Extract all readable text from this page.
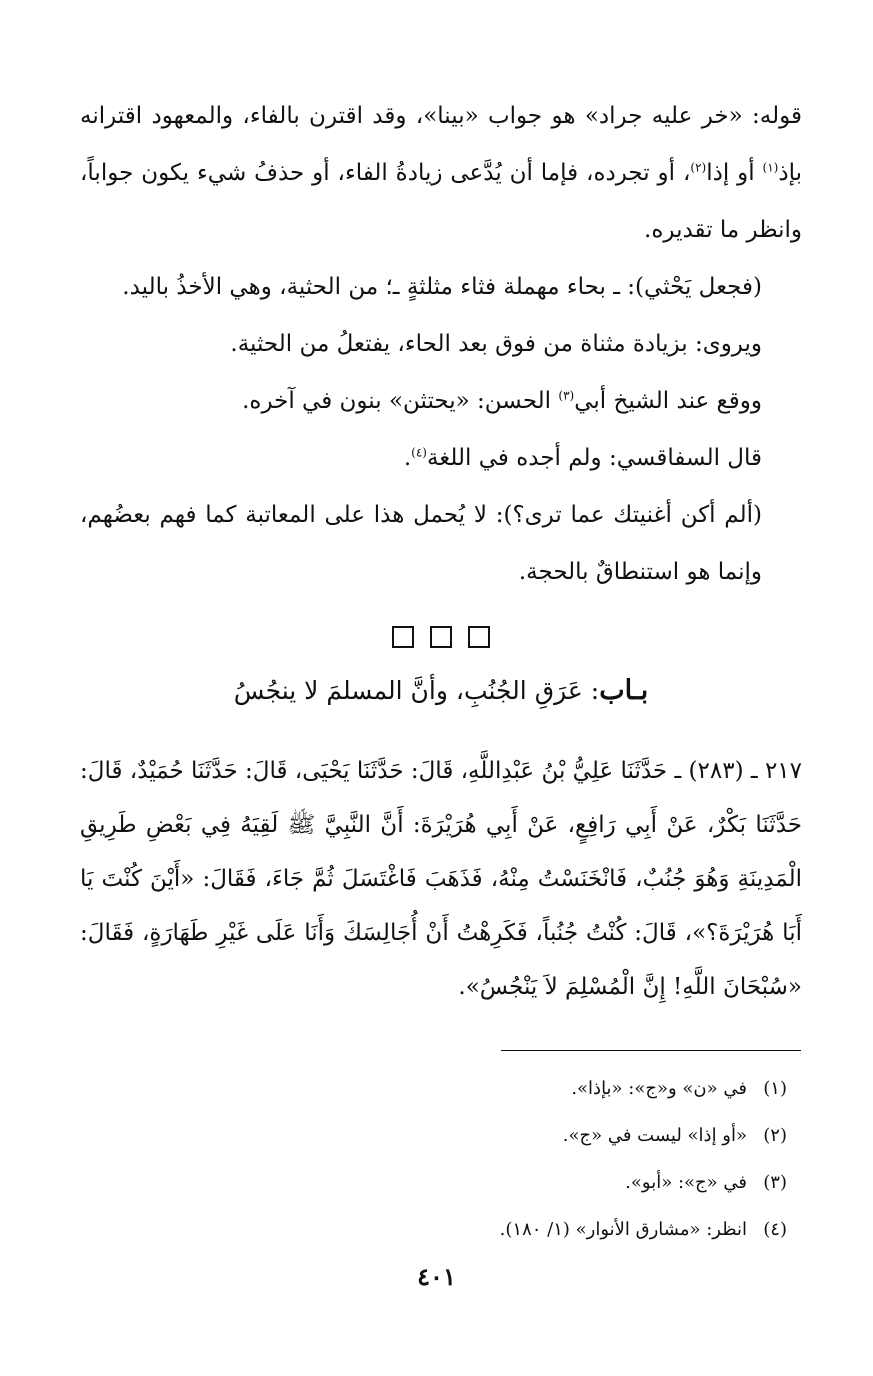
قوله: «خر عليه جراد» هو جواب «بينا»، وقد اقترن بالفاء، والمعهود اقترانه بإذ$^{(١)}$ أو إذا$^{(٢)}$، أو تجرده، فإما أن يُدَّعى زيادةُ الفاء، أو حذفُ شيء يكون جواباً، وانظر ما تقديره.

(فجعل يَحْثي): ـ بحاء مهملة فثاء مثلثةٍ ـ؛ من الحثية، وهي الأخذُ باليد.

ويروى: بزيادة مثناة من فوق بعد الحاء، يفتعلُ من الحثية.

ووقع عند الشيخ أبي$^{(٣)}$ الحسن: «يحتثن» بنون في آخره.

قال السفاقسي: ولم أجده في اللغة$^{(٤)}$.

(ألم أكن أغنيتك عما ترى؟): لا يُحمل هذا على المعاتبة كما فهم بعضُهم، وإنما هو استنطاقٌ بالحجة.

بـاب: عَرَقِ الجُنُبِ، وأنَّ المسلمَ لا ينجُسُ

٢١٧ ـ (٢٨٣) ـ حَدَّثَنَا عَلِيُّ بْنُ عَبْدِاللَّهِ، قَالَ: حَدَّثَنَا يَحْيَى، قَالَ: حَدَّثَنَا حُمَيْدٌ، قَالَ: حَدَّثَنَا بَكْرٌ، عَنْ أَبِي رَافِعٍ، عَنْ أَبِي هُرَيْرَةَ: أَنَّ النَّبِيَّ ﷺ لَقِيَهُ فِي بَعْضِ طَرِيقِ الْمَدِينَةِ وَهُوَ جُنُبٌ، فَانْخَنَسْتُ مِنْهُ، فَذَهَبَ فَاغْتَسَلَ ثُمَّ جَاءَ، فَقَالَ: «أَيْنَ كُنْتَ يَا أَبَا هُرَيْرَةَ؟»، قَالَ: كُنْتُ جُنُباً، فَكَرِهْتُ أَنْ أُجَالِسَكَ وَأَنَا عَلَى غَيْرِ طَهَارَةٍ، فَقَالَ: «سُبْحَانَ اللَّهِ! إِنَّ الْمُسْلِمَ لاَ يَنْجُسُ».

(١)في «ن» و«ج»: «بإذا».

(٢)«أو إذا» ليست في «ج».

(٣)في «ج»: «أبو».

(٤)انظر: «مشارق الأنوار» (١/ ١٨٠).

٤٠١
